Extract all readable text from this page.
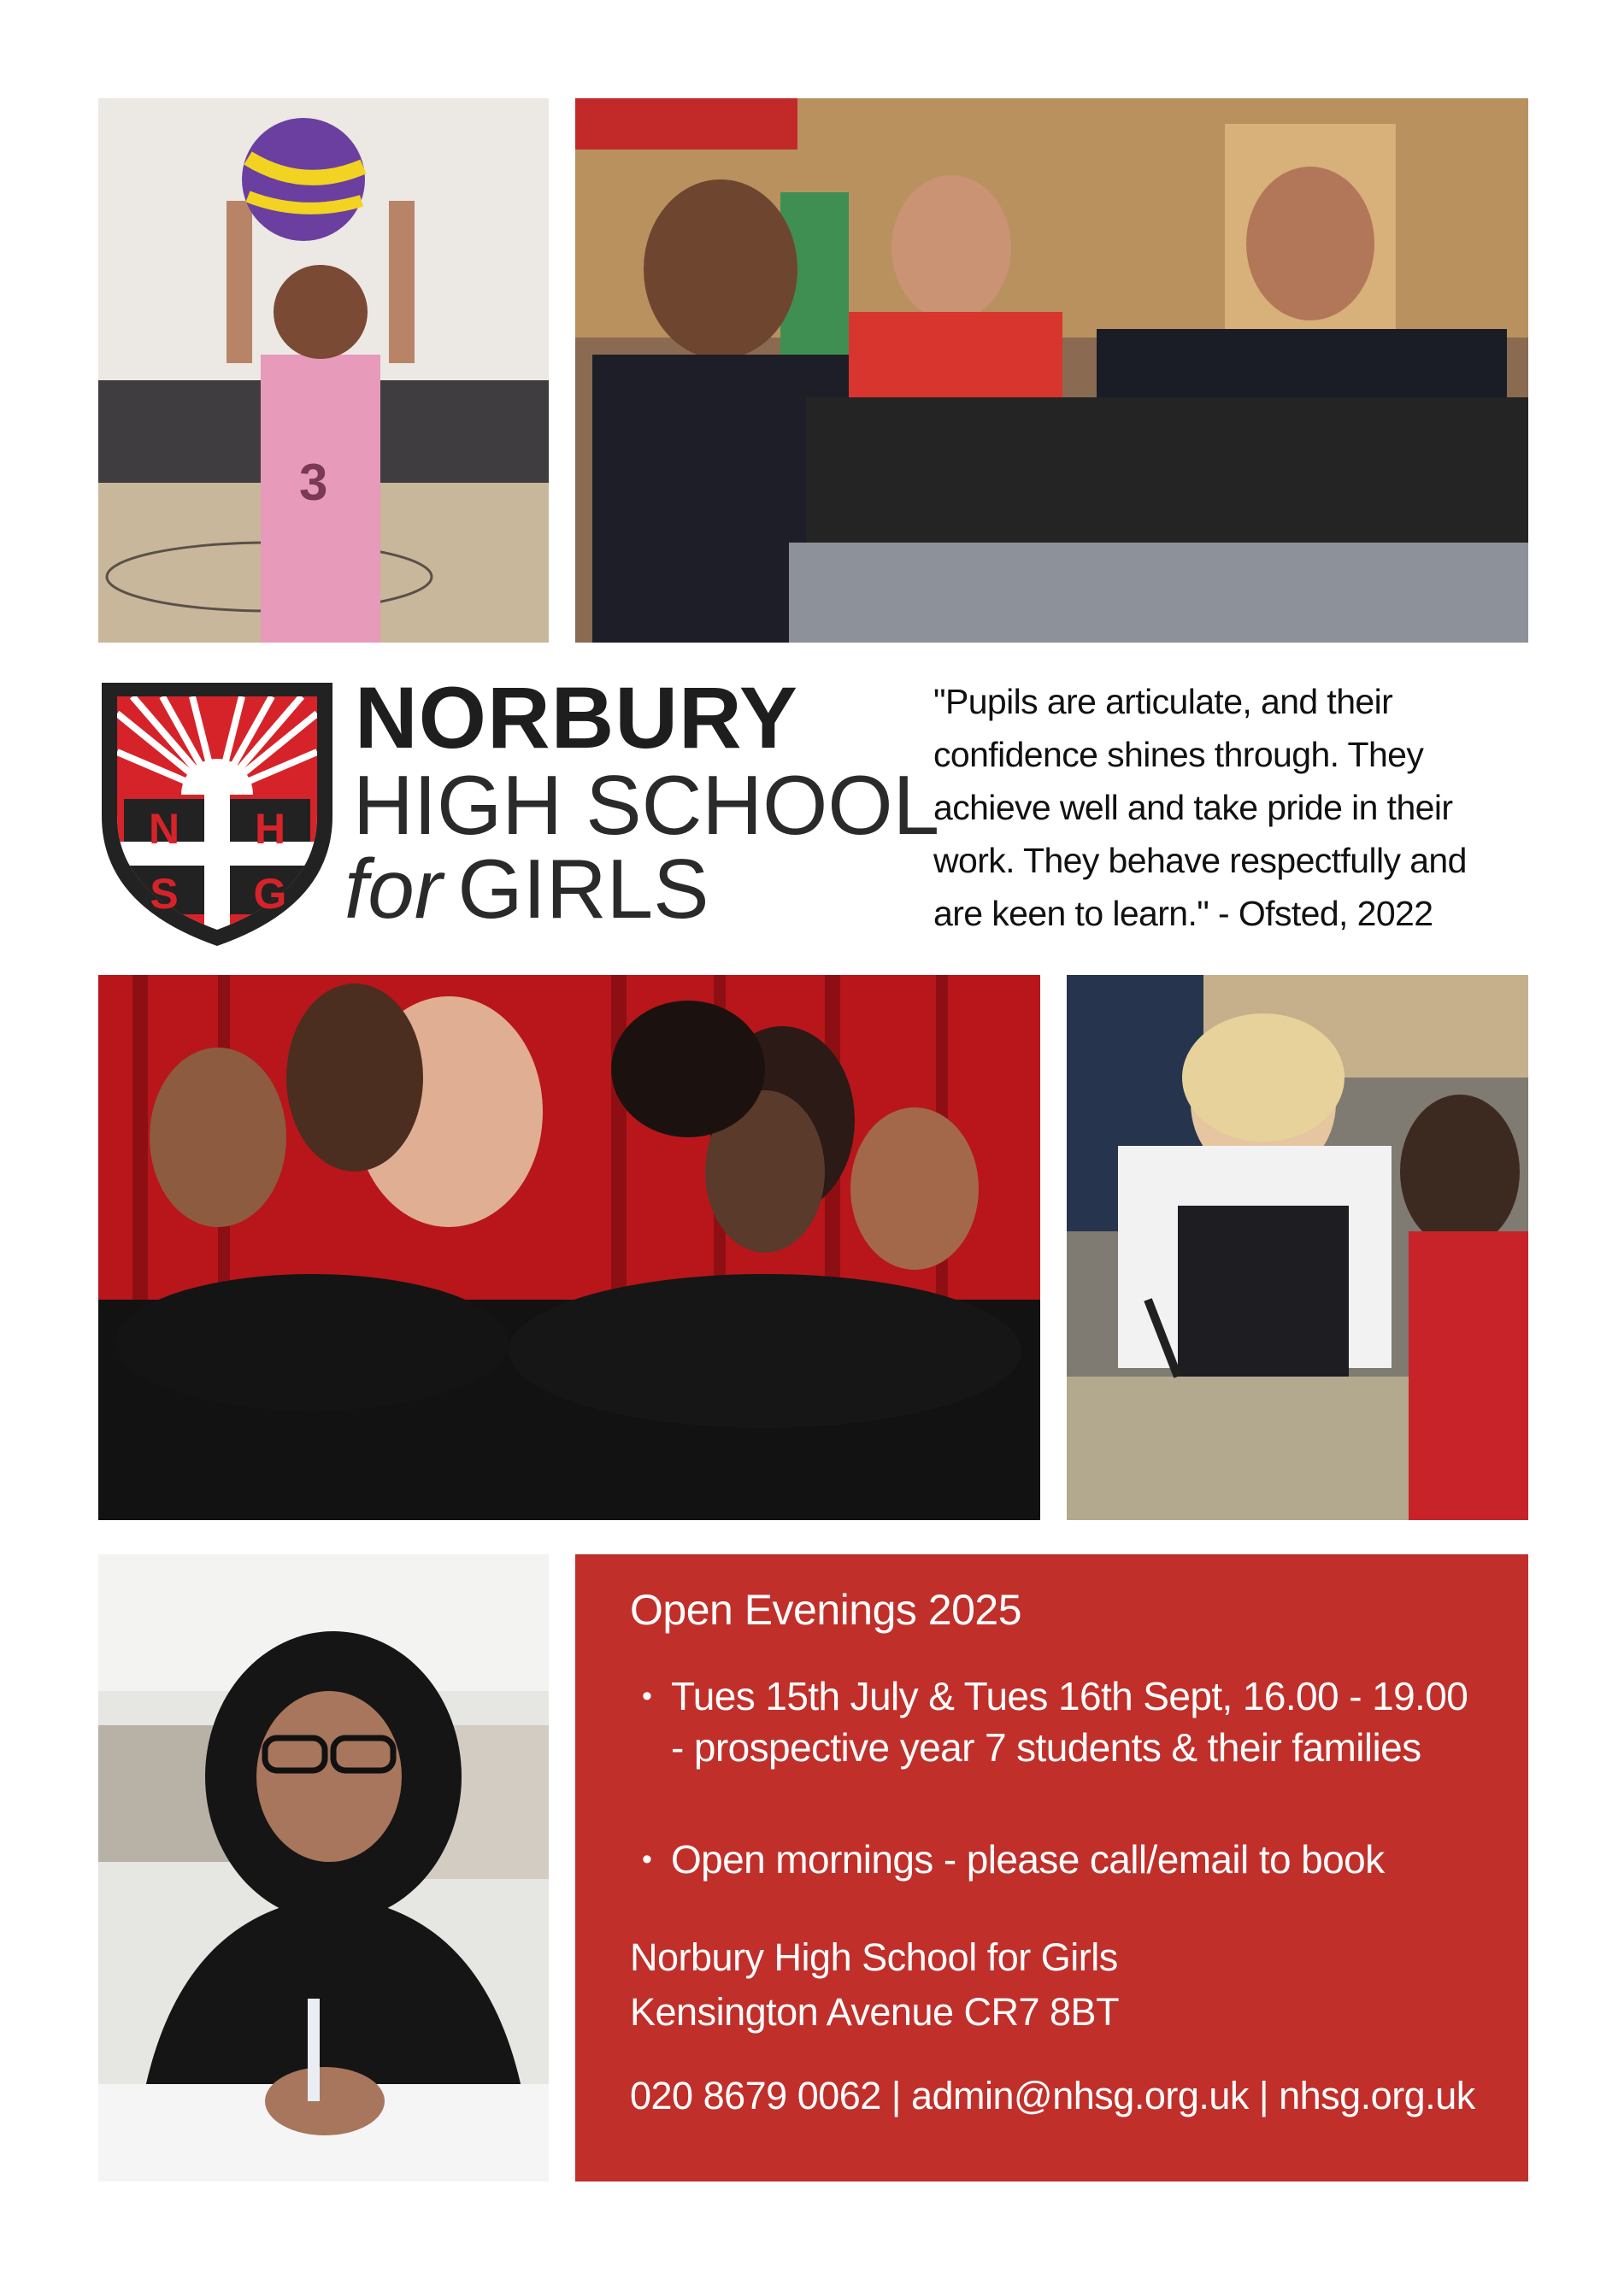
3
N H
S G
NORBURY
HIGH SCHOOL
for GIRLS
"Pupils are articulate, and their
confidence shines through. They
achieve well and take pride in their
work. They behave respectfully and
are keen to learn." - Ofsted, 2022
Open Evenings 2025
• Tues 15th July & Tues 16th Sept, 16.00 - 19.00
- prospective year 7 students & their families
• Open mornings - please call/email to book
Norbury High School for Girls
Kensington Avenue CR7 8BT
020 8679 0062 | admin@nhsg.org.uk | nhsg.org.uk
